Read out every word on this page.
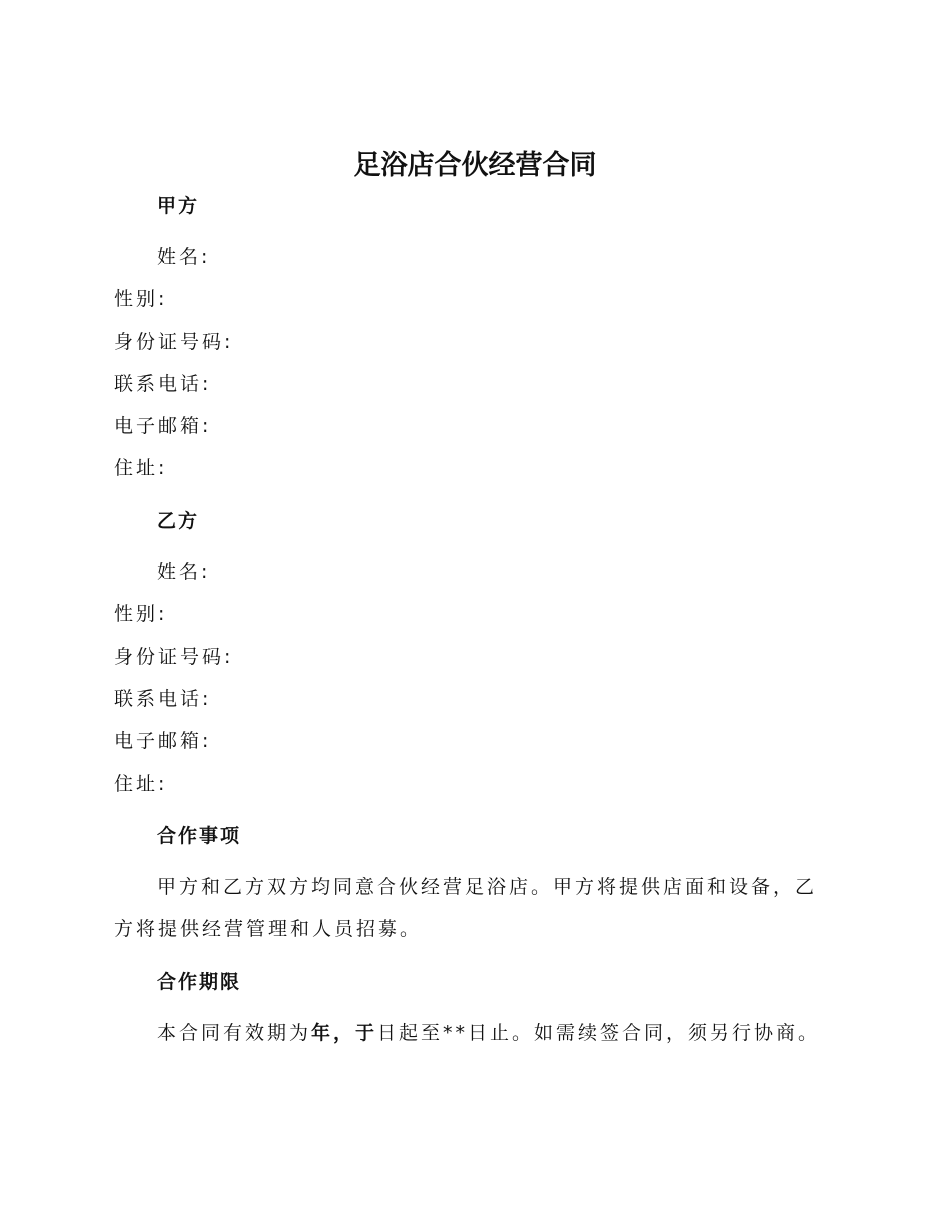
足浴店合伙经营合同
甲方
姓名:
性别:
身份证号码:
联系电话:
电子邮箱:
住址:
乙方
姓名:
性别:
身份证号码:
联系电话:
电子邮箱:
住址:
合作事项
甲方和乙方双方均同意合伙经营足浴店。甲方将提供店面和设备，乙方将提供经营管理和人员招募。
合作期限
本合同有效期为年，于日起至**日止。如需续签合同，须另行协商。
